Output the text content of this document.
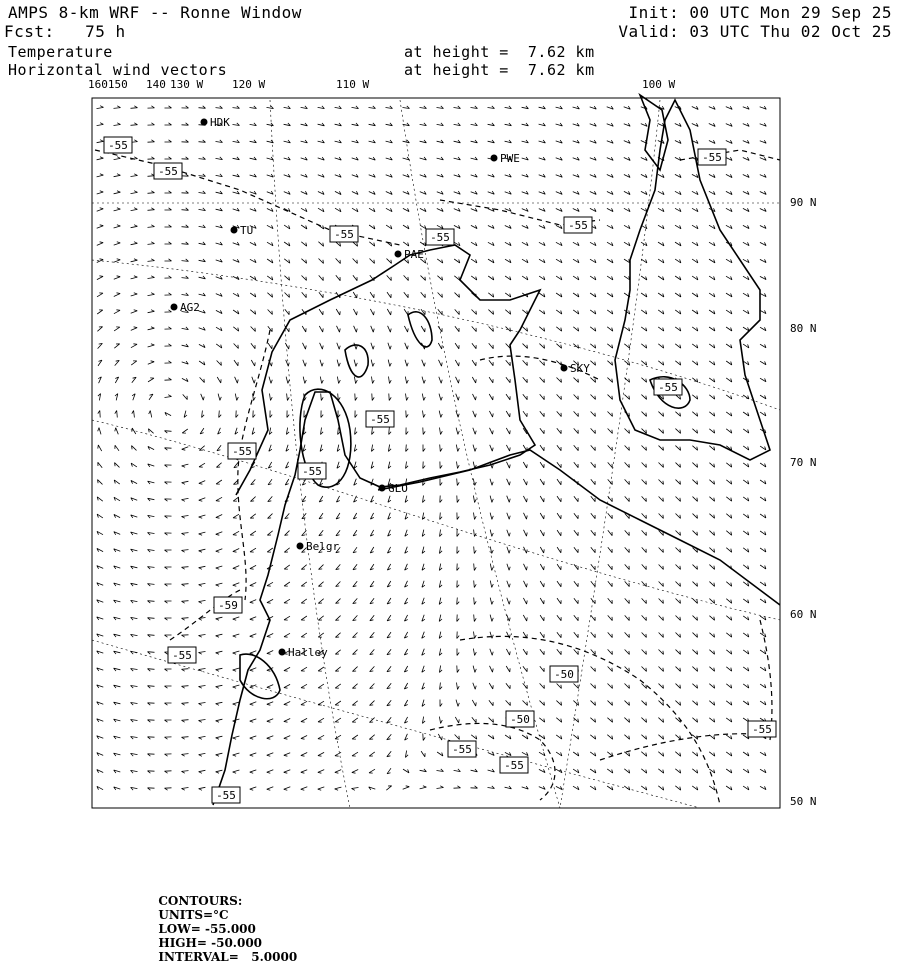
-55
-55
-55
-59
-55
-55
-55
-55
-55
-55
-55
-55
-50
-50
-55
-55
-55
-55
HDK
PWE
TU
PAE
AG2
SKY
GLO
Belgr
Halley
AMPS 8-km WRF -- Ronne Window
Fcst:   75 h
Init: 00 UTC Mon 29 Sep 25
Valid: 03 UTC Thu 02 Oct 25
Temperature	at height =  7.62 km
Horizontal wind vectors	at height =  7.62 km
160150 140 130 W	120 W	110 W	100 W
90 N
80 N
70 N
60 N
50 N

CONTOURS:
UNITS=°C
LOW= -55.000
HIGH= -50.000
INTERVAL=   5.0000
